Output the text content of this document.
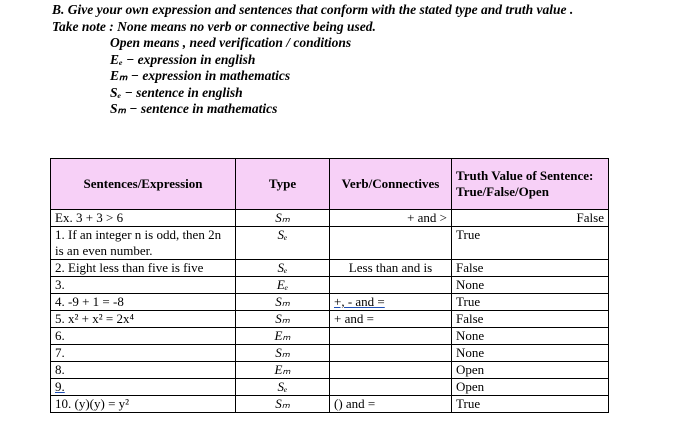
B. Give your own expression and sentences that conform with the stated type and truth value .
Take note : None means no verb or connective being used.
Open means , need verification / conditions
Eₑ − expression in english
Eₘ − expression in mathematics
Sₑ − sentence in english
Sₘ − sentence in mathematics
Sentences/Expression	Type	Verb/Connectives	Truth Value of Sentence: True/False/Open
Ex. 3 + 3 > 6	Sₘ	+ and >	False
1. If an integer n is odd, then 2n is an even number.	Sₑ		True
2. Eight less than five is five	Sₑ	Less than and is	False
3.	Eₑ		None
4. -9 + 1 = -8	Sₘ	+, - and =	True
5. x² + x² = 2x⁴	Sₘ	+ and =	False
6.	Eₘ		None
7.	Sₘ		None
8.	Eₘ		Open
9.	Sₑ		Open
10. (y)(y) = y²	Sₘ	() and =	True
